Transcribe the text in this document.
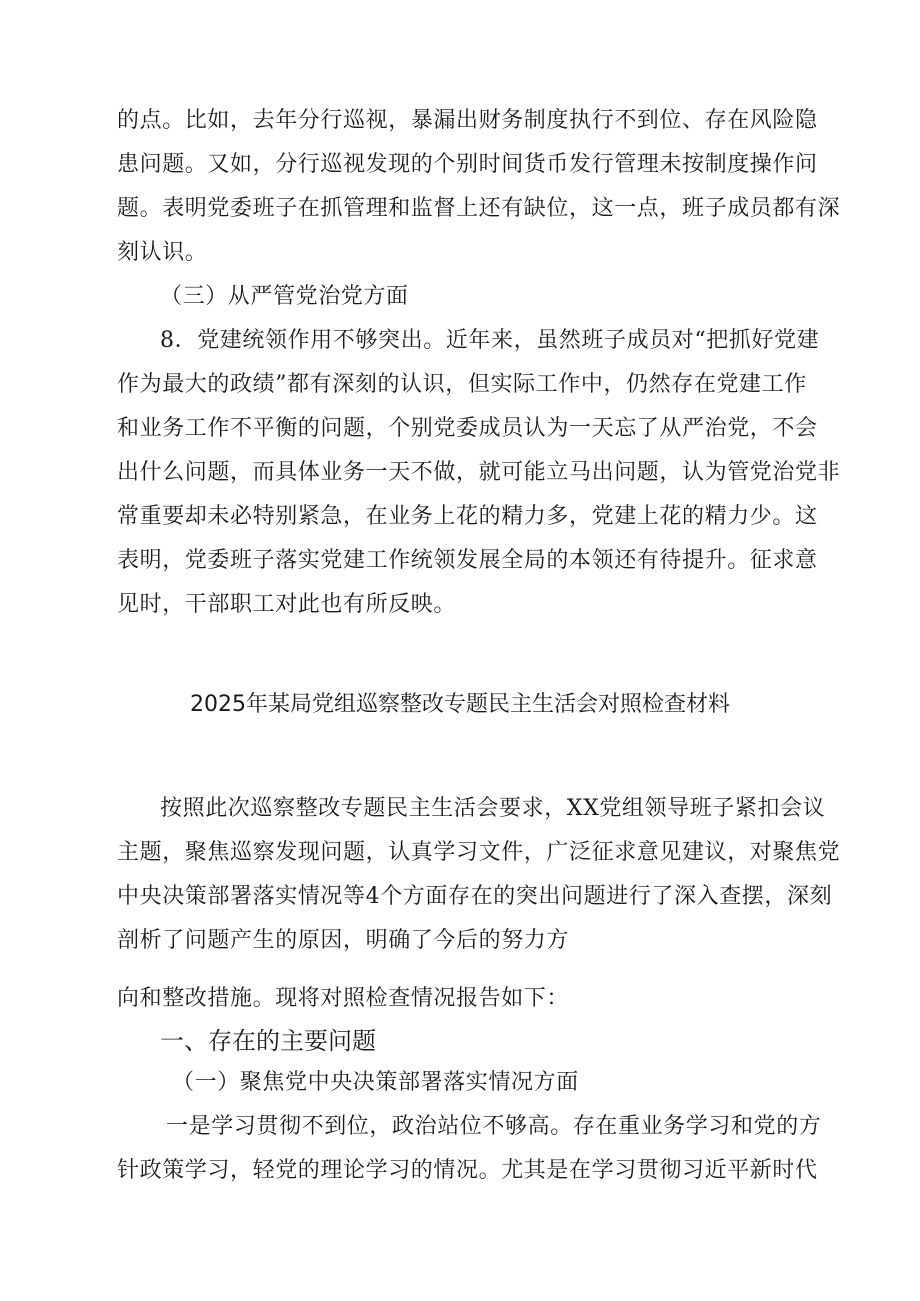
的点。比如，去年分行巡视，暴漏出财务制度执行不到位、存在风险隐
患问题。又如，分行巡视发现的个别时间货币发行管理未按制度操作问
题。表明党委班子在抓管理和监督上还有缺位，这一点，班子成员都有深
刻认识。
（三）从严管党治党方面
8．党建统领作用不够突出。近年来，虽然班子成员对“把抓好党建
作为最大的政绩”都有深刻的认识，但实际工作中，仍然存在党建工作
和业务工作不平衡的问题，个别党委成员认为一天忘了从严治党，不会
出什么问题，而具体业务一天不做，就可能立马出问题，认为管党治党非
常重要却未必特别紧急，在业务上花的精力多，党建上花的精力少。这
表明，党委班子落实党建工作统领发展全局的本领还有待提升。征求意
见时，干部职工对此也有所反映。
2025年某局党组巡察整改专题民主生活会对照检查材料
按照此次巡察整改专题民主生活会要求，XX党组领导班子紧扣会议
主题，聚焦巡察发现问题，认真学习文件，广泛征求意见建议，对聚焦党
中央决策部署落实情况等4个方面存在的突出问题进行了深入查摆，深刻
剖析了问题产生的原因，明确了今后的努力方
向和整改措施。现将对照检查情况报告如下：
一、存在的主要问题
（一）聚焦党中央决策部署落实情况方面
一是学习贯彻不到位，政治站位不够高。存在重业务学习和党的方
针政策学习，轻党的理论学习的情况。尤其是在学习贯彻习近平新时代
